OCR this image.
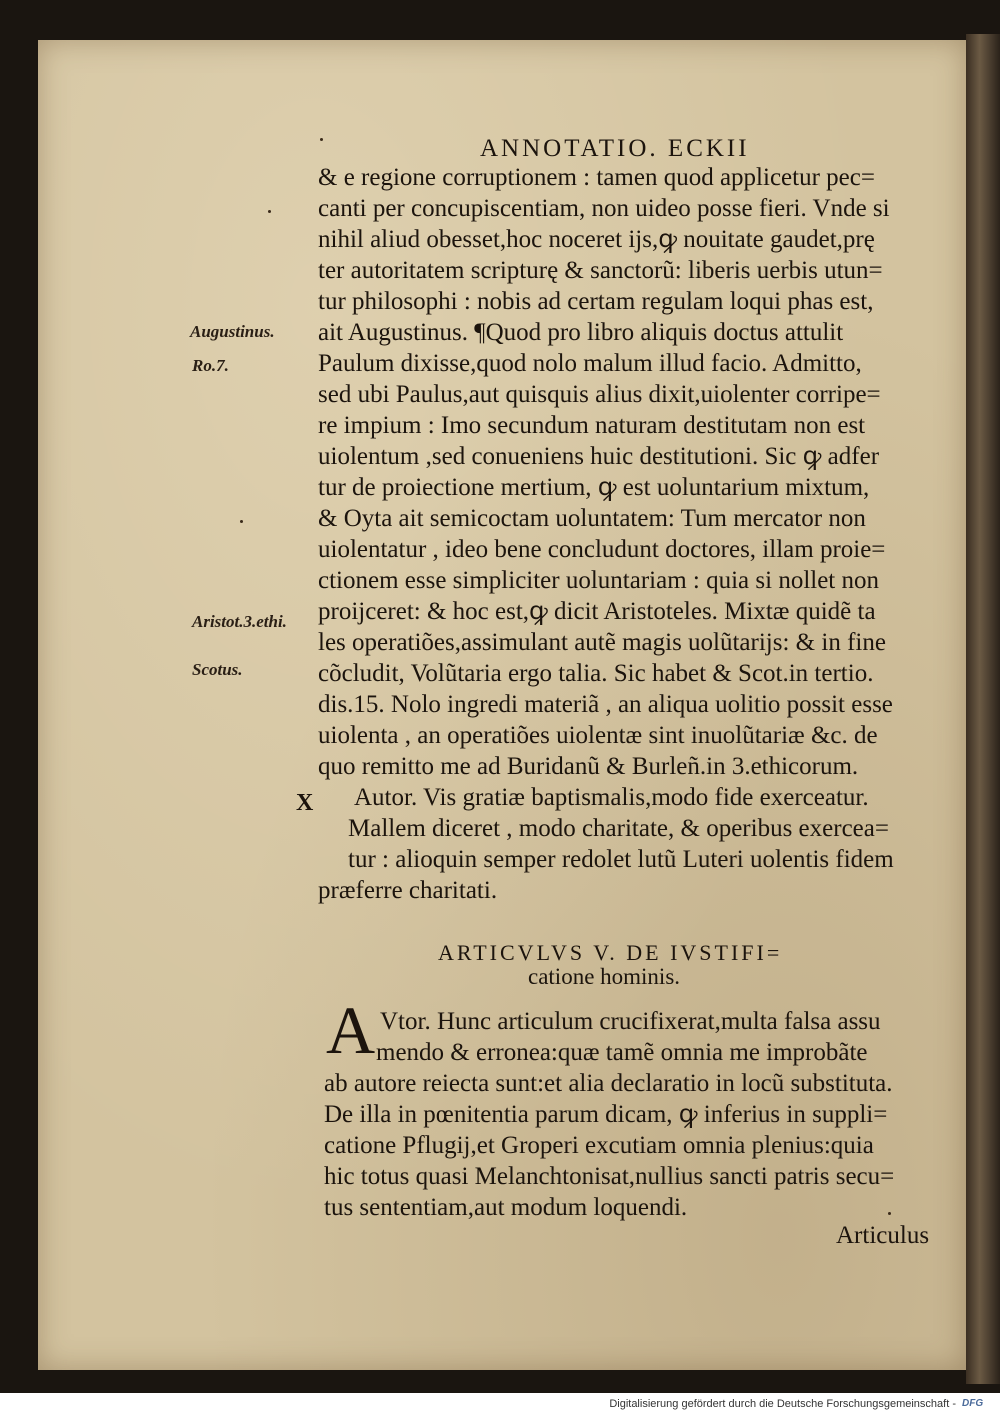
ANNOTATIO. ECKII
Augustinus.
Ro.7.
Aristot.3.ethi.
Scotus.
& e regione corruptionem : tamen quod applicetur pec=
canti per concupiscentiam, non uideo posse fieri. Vnde si
nihil aliud obesset,hoc noceret ijs,ꝙ nouitate gaudet,prę
ter autoritatem scripturę & sanctorũ: liberis uerbis utun=
tur philosophi : nobis ad certam regulam loqui phas est,
ait Augustinus. ¶Quod pro libro aliquis doctus attulit
Paulum dixisse,quod nolo malum illud facio. Admitto,
sed ubi Paulus,aut quisquis alius dixit,uiolenter corripe=
re impium : Imo secundum naturam destitutam non est
uiolentum ,sed conueniens huic destitutioni. Sic ꝙ adfer
tur de proiectione mertium, ꝙ est uoluntarium mixtum,
& Oyta ait semicoctam uoluntatem: Tum mercator non
uiolentatur , ideo bene concludunt doctores, illam proie=
ctionem esse simpliciter uoluntariam : quia si nollet non
proijceret: & hoc est,ꝙ dicit Aristoteles. Mixtæ quidẽ ta
les operatiões,assimulant autẽ magis uolũtarijs: & in fine
cõcludit, Volũtaria ergo talia. Sic habet & Scot.in tertio.
dis.15. Nolo ingredi materiã , an aliqua uolitio possit esse
uiolenta , an operatiões uiolentæ sint inuolũtariæ &c. de
quo remitto me ad Buridanũ & Burleñ.in 3.ethicorum.
Autor. Vis gratiæ baptismalis,modo fide exerceatur.
Mallem diceret , modo charitate, & operibus exercea=
tur : alioquin semper redolet lutũ Luteri uolentis fidem
præferre charitati.
X
ARTICVLVS V. DE IVSTIFI=
catione hominis.
A Vtor. Hunc articulum crucifixerat,multa falsa assu
mendo & erronea:quæ tamẽ omnia me improbãte
ab autore reiecta sunt:et alia declaratio in locũ substituta.
De illa in pœnitentia parum dicam, ꝙ inferius in suppli=
catione Pflugij,et Groperi excutiam omnia plenius:quia
hic totus quasi Melanchtonisat,nullius sancti patris secu=
tus sententiam,aut modum loquendi.
Articulus
Digitalisierung gefördert durch die Deutsche Forschungsgemeinschaft - DFG
